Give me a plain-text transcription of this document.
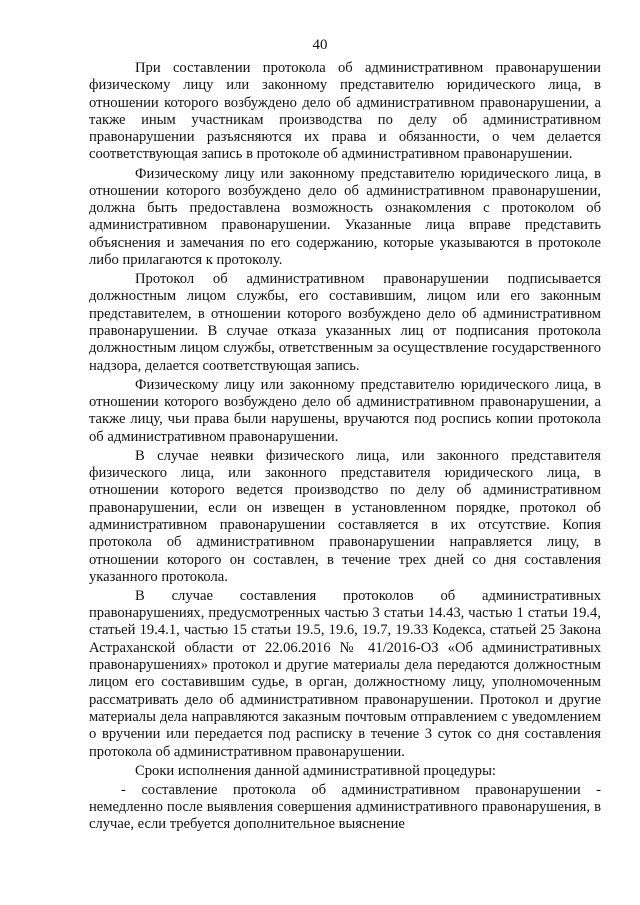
40

При составлении протокола об административном правонарушении физическому лицу или законному представителю юридического лица, в отношении которого возбуждено дело об административном правонарушении, а также иным участникам производства по делу об административном правонарушении разъясняются их права и обязанности, о чем делается соответствующая запись в протоколе об административном правонарушении.

Физическому лицу или законному представителю юридического лица, в отношении которого возбуждено дело об административном правонарушении, должна быть предоставлена возможность ознакомления с протоколом об административном правонарушении. Указанные лица вправе представить объяснения и замечания по его содержанию, которые указываются в протоколе либо прилагаются к протоколу.

Протокол об административном правонарушении подписывается должностным лицом службы, его составившим, лицом или его законным представителем, в отношении которого возбуждено дело об административном правонарушении. В случае отказа указанных лиц от подписания протокола должностным лицом службы, ответственным за осуществление государственного надзора, делается соответствующая запись.

Физическому лицу или законному представителю юридического лица, в отношении которого возбуждено дело об административном правонарушении, а также лицу, чьи права были нарушены, вручаются под роспись копии протокола об административном правонарушении.

В случае неявки физического лица, или законного представителя физического лица, или законного представителя юридического лица, в отношении которого ведется производство по делу об административном правонарушении, если он извещен в установленном порядке, протокол об административном правонарушении составляется в их отсутствие. Копия протокола об административном правонарушении направляется лицу, в отношении которого он составлен, в течение трех дней со дня составления указанного протокола.

В случае составления протоколов об административных правонарушениях, предусмотренных частью 3 статьи 14.43, частью 1 статьи 19.4, статьей 19.4.1, частью 15 статьи 19.5, 19.6, 19.7, 19.33 Кодекса, статьей 25 Закона Астраханской области от 22.06.2016 № 41/2016-ОЗ «Об административных правонарушениях» протокол и другие материалы дела передаются должностным лицом его составившим судье, в орган, должностному лицу, уполномоченным рассматривать дело об административном правонарушении. Протокол и другие материалы дела направляются заказным почтовым отправлением с уведомлением о вручении или передается под расписку в течение 3 суток со дня составления протокола об административном правонарушении.

Сроки исполнения данной административной процедуры:

- составление протокола об административном правонарушении - немедленно после выявления совершения административного правонарушения, в случае, если требуется дополнительное выяснение
